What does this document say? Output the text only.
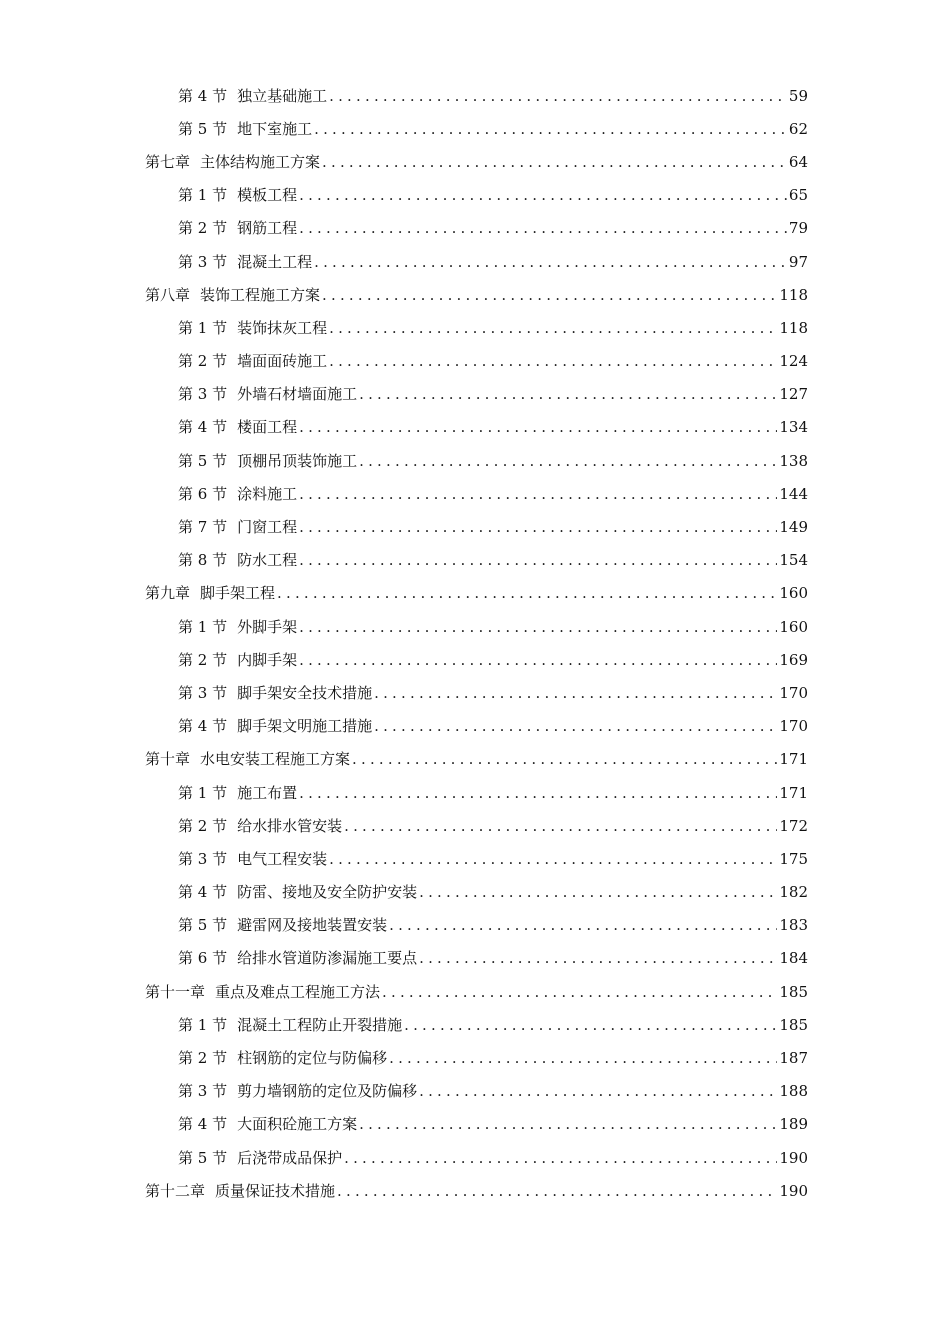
第 4 节 独立基础施工 .....	59
第 5 节 地下室施工 .....	62
第七章 主体结构施工方案 .....	64
第 1 节 模板工程 .....	65
第 2 节 钢筋工程 .....	79
第 3 节 混凝土工程 .....	97
第八章 装饰工程施工方案 .....	118
第 1 节 装饰抹灰工程 .....	118
第 2 节 墙面面砖施工 .....	124
第 3 节 外墙石材墙面施工 .....	127
第 4 节 楼面工程 .....	134
第 5 节 顶棚吊顶装饰施工 .....	138
第 6 节 涂料施工 .....	144
第 7 节 门窗工程 .....	149
第 8 节 防水工程 .....	154
第九章 脚手架工程 .....	160
第 1 节 外脚手架 .....	160
第 2 节 内脚手架 .....	169
第 3 节 脚手架安全技术措施 .....	170
第 4 节 脚手架文明施工措施 .....	170
第十章 水电安装工程施工方案 .....	171
第 1 节 施工布置 .....	171
第 2 节 给水排水管安装 .....	172
第 3 节 电气工程安装 .....	175
第 4 节 防雷、接地及安全防护安装 .....	182
第 5 节 避雷网及接地装置安装 .....	183
第 6 节 给排水管道防渗漏施工要点 .....	184
第十一章 重点及难点工程施工方法 .....	185
第 1 节 混凝土工程防止开裂措施 .....	185
第 2 节 柱钢筋的定位与防偏移 .....	187
第 3 节 剪力墙钢筋的定位及防偏移 .....	188
第 4 节 大面积砼施工方案 .....	189
第 5 节 后浇带成品保护 .....	190
第十二章 质量保证技术措施 .....	190
